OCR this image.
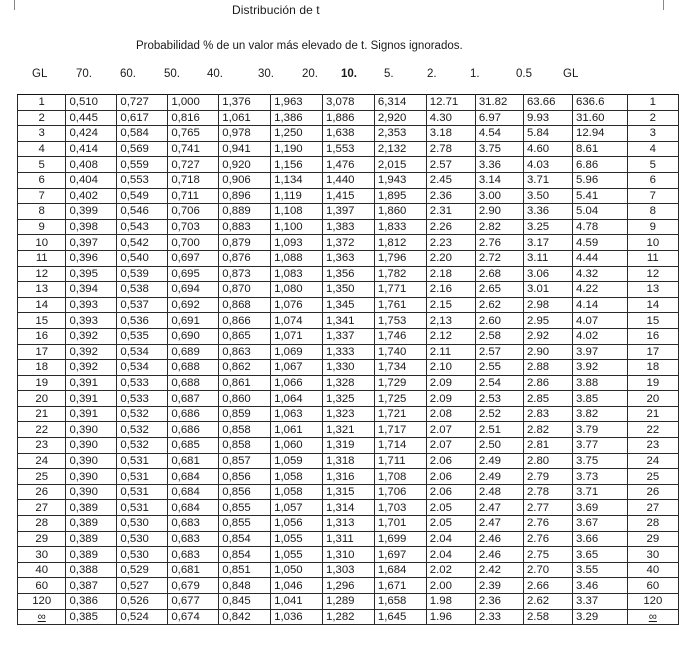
Distribución de t
Probabilidad % de un valor más elevado de t. Signos ignorados.
GL 70. 60. 50. 40.	30. 20. 10. 5.	2.	1.	0.5	GL
1	0,510	0,727	1,000	1,376	1,963	3,078	6,314	12.71	31.82	63.66	636.6	1
2	0,445	0,617	0,816	1,061	1,386	1,886	2,920	4.30	6.97	9.93	31.60	2
3	0,424	0,584	0,765	0,978	1,250	1,638	2,353	3.18	4.54	5.84	12.94	3
4	0,414	0,569	0,741	0,941	1,190	1,553	2,132	2.78	3.75	4.60	8.61	4
5	0,408	0,559	0,727	0,920	1,156	1,476	2,015	2.57	3.36	4.03	6.86	5
6	0,404	0,553	0,718	0,906	1,134	1,440	1,943	2.45	3.14	3.71	5.96	6
7	0,402	0,549	0,711	0,896	1,119	1,415	1,895	2.36	3.00	3.50	5.41	7
8	0,399	0,546	0,706	0,889	1,108	1,397	1,860	2.31	2.90	3.36	5.04	8
9	0,398	0,543	0,703	0,883	1,100	1,383	1,833	2.26	2.82	3.25	4.78	9
10	0,397	0,542	0,700	0,879	1,093	1,372	1,812	2.23	2.76	3.17	4.59	10
11	0,396	0,540	0,697	0,876	1,088	1,363	1,796	2.20	2.72	3.11	4.44	11
12	0,395	0,539	0,695	0,873	1,083	1,356	1,782	2.18	2.68	3.06	4.32	12
13	0,394	0,538	0,694	0,870	1,080	1,350	1,771	2.16	2.65	3.01	4.22	13
14	0,393	0,537	0,692	0,868	1,076	1,345	1,761	2.15	2.62	2.98	4.14	14
15	0,393	0,536	0,691	0,866	1,074	1,341	1,753	2,13	2.60	2.95	4.07	15
16	0,392	0,535	0,690	0,865	1,071	1,337	1,746	2.12	2.58	2.92	4.02	16
17	0,392	0,534	0,689	0,863	1,069	1,333	1,740	2.11	2.57	2.90	3.97	17
18	0,392	0,534	0,688	0,862	1,067	1,330	1,734	2.10	2.55	2.88	3.92	18
19	0,391	0,533	0,688	0,861	1,066	1,328	1,729	2.09	2.54	2.86	3.88	19
20	0,391	0,533	0,687	0,860	1,064	1,325	1,725	2.09	2.53	2.85	3.85	20
21	0,391	0,532	0,686	0,859	1,063	1,323	1,721	2.08	2.52	2.83	3.82	21
22	0,390	0,532	0,686	0,858	1,061	1,321	1,717	2.07	2.51	2.82	3.79	22
23	0,390	0,532	0,685	0,858	1,060	1,319	1,714	2.07	2.50	2.81	3.77	23
24	0,390	0,531	0,681	0,857	1,059	1,318	1,711	2.06	2.49	2.80	3.75	24
25	0,390	0,531	0,684	0,856	1,058	1,316	1,708	2.06	2.49	2.79	3.73	25
26	0,390	0,531	0,684	0,856	1,058	1,315	1,706	2.06	2.48	2.78	3.71	26
27	0,389	0,531	0,684	0,855	1,057	1,314	1,703	2.05	2.47	2.77	3.69	27
28	0,389	0,530	0,683	0,855	1,056	1,313	1,701	2.05	2.47	2.76	3.67	28
29	0,389	0,530	0,683	0,854	1,055	1,311	1,699	2.04	2.46	2.76	3.66	29
30	0,389	0,530	0,683	0,854	1,055	1,310	1,697	2.04	2.46	2.75	3.65	30
40	0,388	0,529	0,681	0,851	1,050	1,303	1,684	2.02	2.42	2.70	3.55	40
60	0,387	0,527	0,679	0,848	1,046	1,296	1,671	2.00	2.39	2.66	3.46	60
120	0,386	0,526	0,677	0,845	1,041	1,289	1,658	1.98	2.36	2.62	3.37	120
∞	0,385	0,524	0,674	0,842	1,036	1,282	1,645	1.96	2.33	2.58	3.29	∞
